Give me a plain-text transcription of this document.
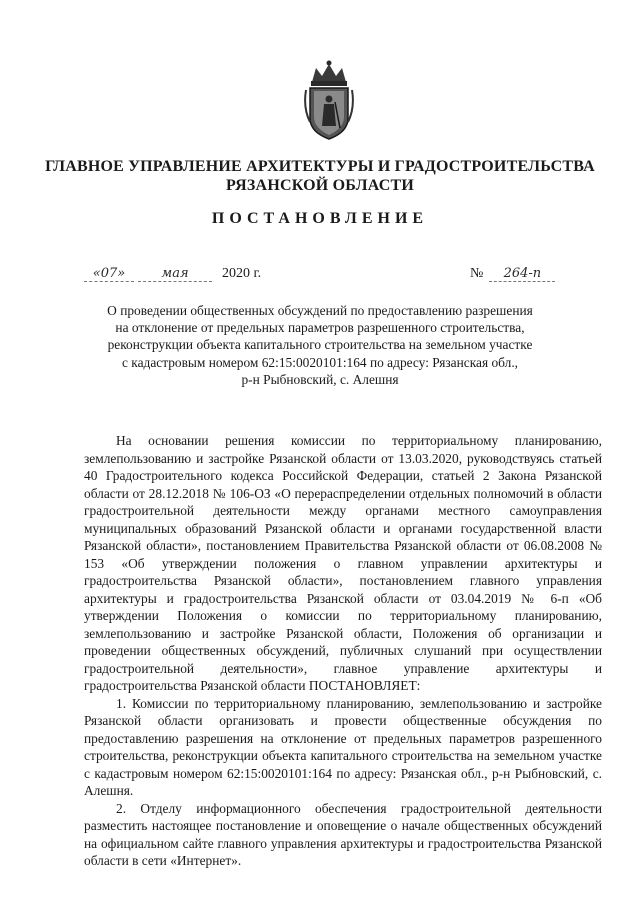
ГЛАВНОЕ УПРАВЛЕНИЕ АРХИТЕКТУРЫ И ГРАДОСТРОИТЕЛЬСТВА
РЯЗАНСКОЙ ОБЛАСТИ
ПОСТАНОВЛЕНИЕ
«07»	мая 2020 г.	№ 264-п
О проведении общественных обсуждений по предоставлению разрешения
на отклонение от предельных параметров разрешенного строительства,
реконструкции объекта капитального строительства на земельном участке
с кадастровым номером 62:15:0020101:164 по адресу: Рязанская обл.,
р-н Рыбновский, с. Алешня

На основании решения комиссии по территориальному планированию, землепользованию и застройке Рязанской области от 13.03.2020, руководствуясь статьей 40 Градостроительного кодекса Российской Федерации, статьей 2 Закона Рязанской области от 28.12.2018 № 106-ОЗ «О перераспределении отдельных полномочий в области градостроительной деятельности между органами местного самоуправления муниципальных образований Рязанской области и органами государственной власти Рязанской области», постановлением Правительства Рязанской области от 06.08.2008 № 153 «Об утверждении положения о главном управлении архитектуры и градостроительства Рязанской области», постановлением главного управления архитектуры и градостроительства Рязанской области от 03.04.2019 № 6-п «Об утверждении Положения о комиссии по территориальному планированию, землепользованию и застройке Рязанской области, Положения об организации и проведении общественных обсуждений, публичных слушаний при осуществлении градостроительной деятельности», главное управление архитектуры и градостроительства Рязанской области ПОСТАНОВЛЯЕТ:

1. Комиссии по территориальному планированию, землепользованию и застройке Рязанской области организовать и провести общественные обсуждения по предоставлению разрешения на отклонение от предельных параметров разрешенного строительства, реконструкции объекта капитального строительства на земельном участке с кадастровым номером 62:15:0020101:164 по адресу: Рязанская обл., р-н Рыбновский, с. Алешня.

2. Отделу информационного обеспечения градостроительной деятельности разместить настоящее постановление и оповещение о начале общественных обсуждений на официальном сайте главного управления архитектуры и градостроительства Рязанской области в сети «Интернет».
